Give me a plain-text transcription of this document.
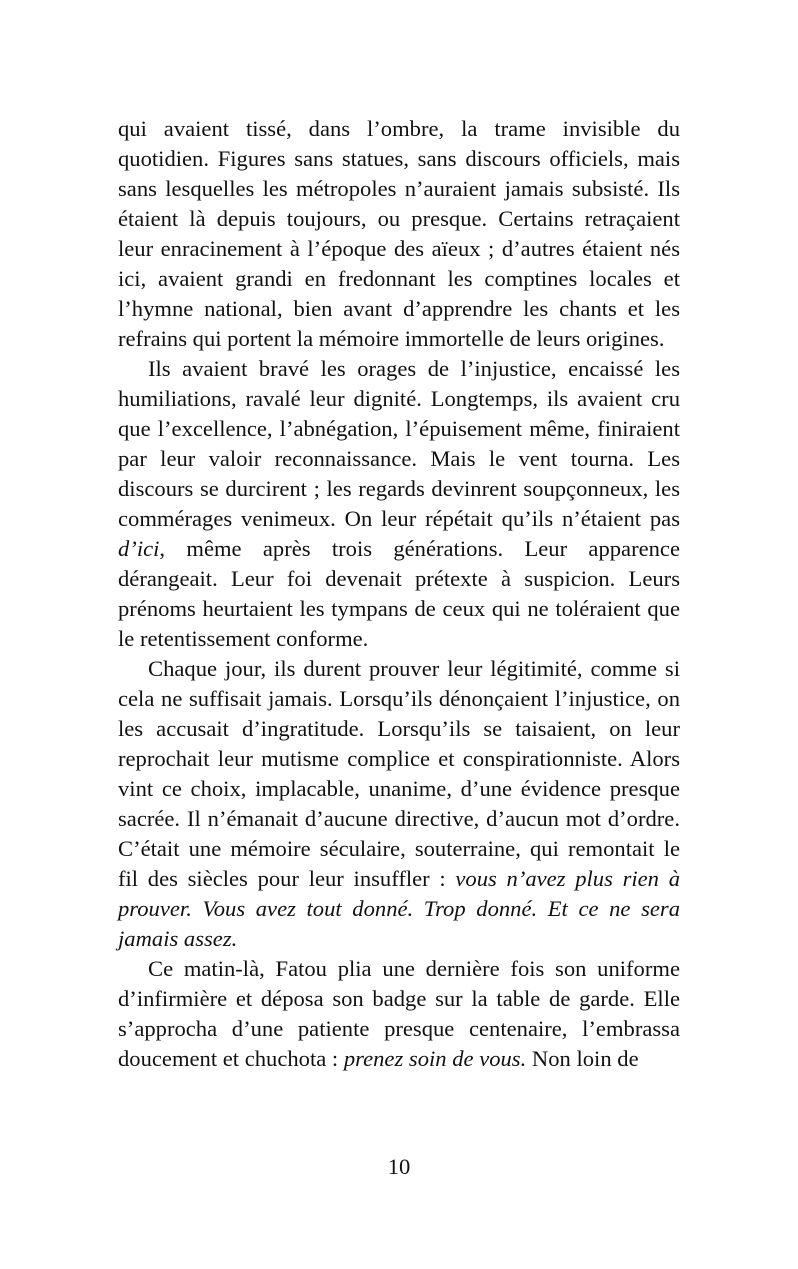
qui avaient tissé, dans l’ombre, la trame invisible du quotidien. Figures sans statues, sans discours officiels, mais sans lesquelles les métropoles n’auraient jamais subsisté. Ils étaient là depuis toujours, ou presque. Certains retraçaient leur enracinement à l’époque des aïeux ; d’autres étaient nés ici, avaient grandi en fredonnant les comptines locales et l’hymne national, bien avant d’apprendre les chants et les refrains qui portent la mémoire immortelle de leurs origines.

Ils avaient bravé les orages de l’injustice, encaissé les humiliations, ravalé leur dignité. Longtemps, ils avaient cru que l’excellence, l’abnégation, l’épuisement même, finiraient par leur valoir reconnaissance. Mais le vent tourna. Les discours se durcirent ; les regards devinrent soupçonneux, les commérages venimeux. On leur répétait qu’ils n’étaient pas d’ici, même après trois générations. Leur apparence dérangeait. Leur foi devenait prétexte à suspicion. Leurs prénoms heurtaient les tympans de ceux qui ne toléraient que le retentissement conforme.

Chaque jour, ils durent prouver leur légitimité, comme si cela ne suffisait jamais. Lorsqu’ils dénonçaient l’injustice, on les accusait d’ingratitude. Lorsqu’ils se taisaient, on leur reprochait leur mutisme complice et conspirationniste. Alors vint ce choix, implacable, unanime, d’une évidence presque sacrée. Il n’émanait d’aucune directive, d’aucun mot d’ordre. C’était une mémoire séculaire, souterraine, qui remontait le fil des siècles pour leur insuffler : vous n’avez plus rien à prouver. Vous avez tout donné. Trop donné. Et ce ne sera jamais assez.

Ce matin-là, Fatou plia une dernière fois son uniforme d’infirmière et déposa son badge sur la table de garde. Elle s’approcha d’une patiente presque centenaire, l’embrassa doucement et chuchota : prenez soin de vous. Non loin de

10
